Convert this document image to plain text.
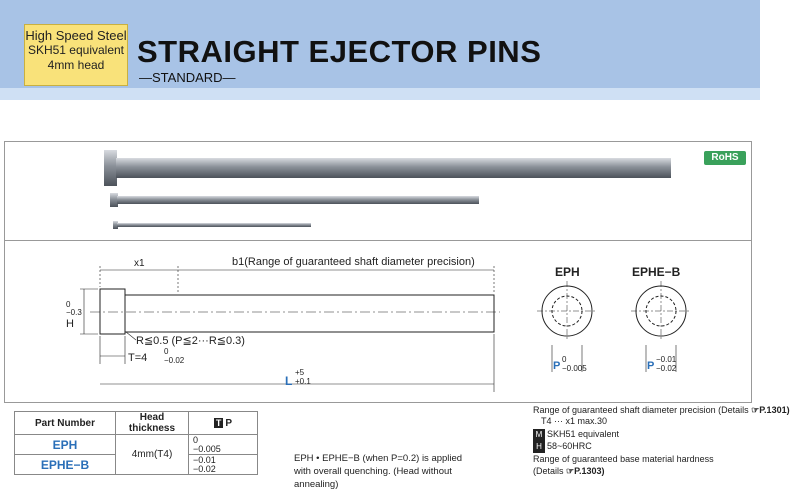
High Speed Steel
SKH51 equivalent
4mm head	STRAIGHT EJECTOR PINS
—STANDARD—
RoHS
x1	b1(Range of guaranteed shaft diameter precision)
0
−0.3
H
R≦0.5 (P≦2···R≦0.3)
T=4
0
−0.02
L
+5
+0.1
EPH	EPHE−B
P
0
−0.005	P
−0.01
−0.02
Part Number	Head thickness	T P
EPH	4mm(T4)	0
−0.005

EPHE−B		−0.01
−0.02
EPH • EPHE−B (when P=0.2) is applied with overall quenching. (Head without annealing)
Range of guaranteed shaft diameter precision (Details ☞P.1301)
T4 ··· x1 max.30
M SKH51 equivalent
H 58~60HRC
Range of guaranteed base material hardness
(Details ☞P.1303)
